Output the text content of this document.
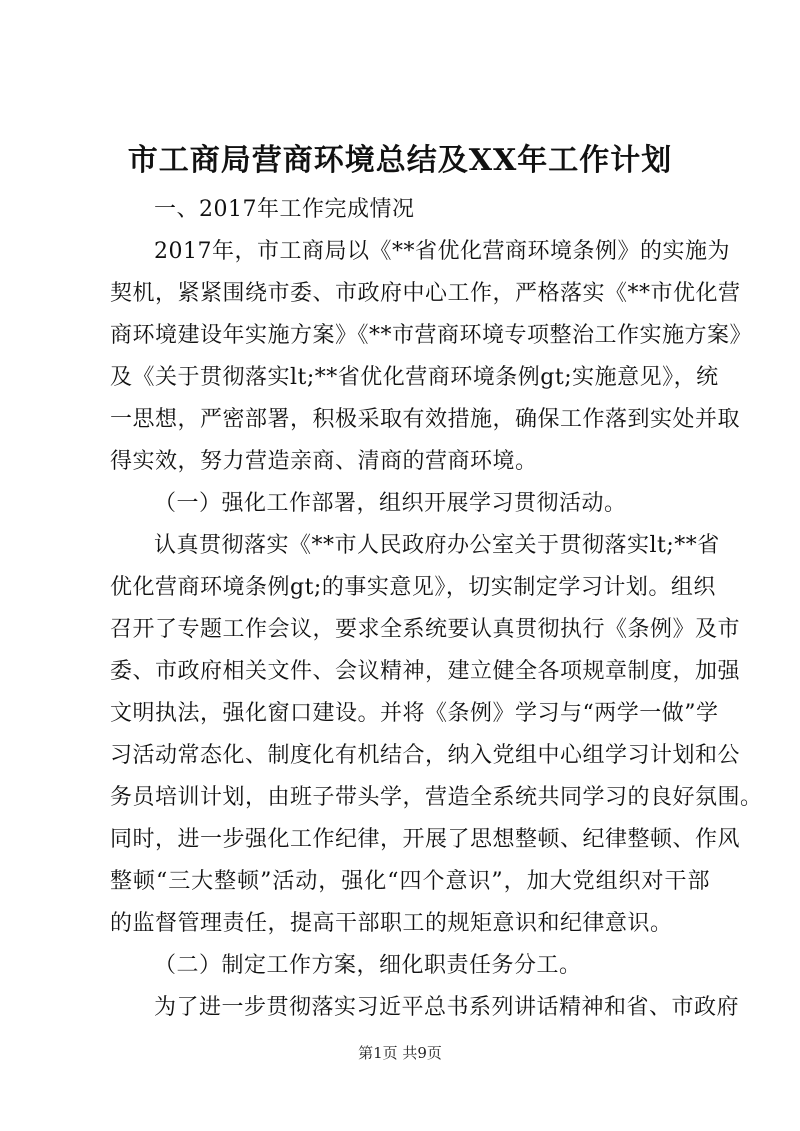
市工商局营商环境总结及XX年工作计划
一、2017年工作完成情况
2017年，市工商局以《**省优化营商环境条例》的实施为
契机，紧紧围绕市委、市政府中心工作，严格落实《**市优化营
商环境建设年实施方案》《**市营商环境专项整治工作实施方案》
及《关于贯彻落实lt;**省优化营商环境条例gt;实施意见》，统
一思想，严密部署，积极采取有效措施，确保工作落到实处并取
得实效，努力营造亲商、清商的营商环境。
（一）强化工作部署，组织开展学习贯彻活动。
认真贯彻落实《**市人民政府办公室关于贯彻落实lt;**省
优化营商环境条例gt;的事实意见》，切实制定学习计划。组织
召开了专题工作会议，要求全系统要认真贯彻执行《条例》及市
委、市政府相关文件、会议精神，建立健全各项规章制度，加强
文明执法，强化窗口建设。并将《条例》学习与“两学一做”学
习活动常态化、制度化有机结合，纳入党组中心组学习计划和公
务员培训计划，由班子带头学，营造全系统共同学习的良好氛围。
同时，进一步强化工作纪律，开展了思想整顿、纪律整顿、作风
整顿“三大整顿”活动，强化“四个意识”，加大党组织对干部
的监督管理责任，提高干部职工的规矩意识和纪律意识。
（二）制定工作方案，细化职责任务分工。
为了进一步贯彻落实习近平总书系列讲话精神和省、市政府
第1页 共9页
